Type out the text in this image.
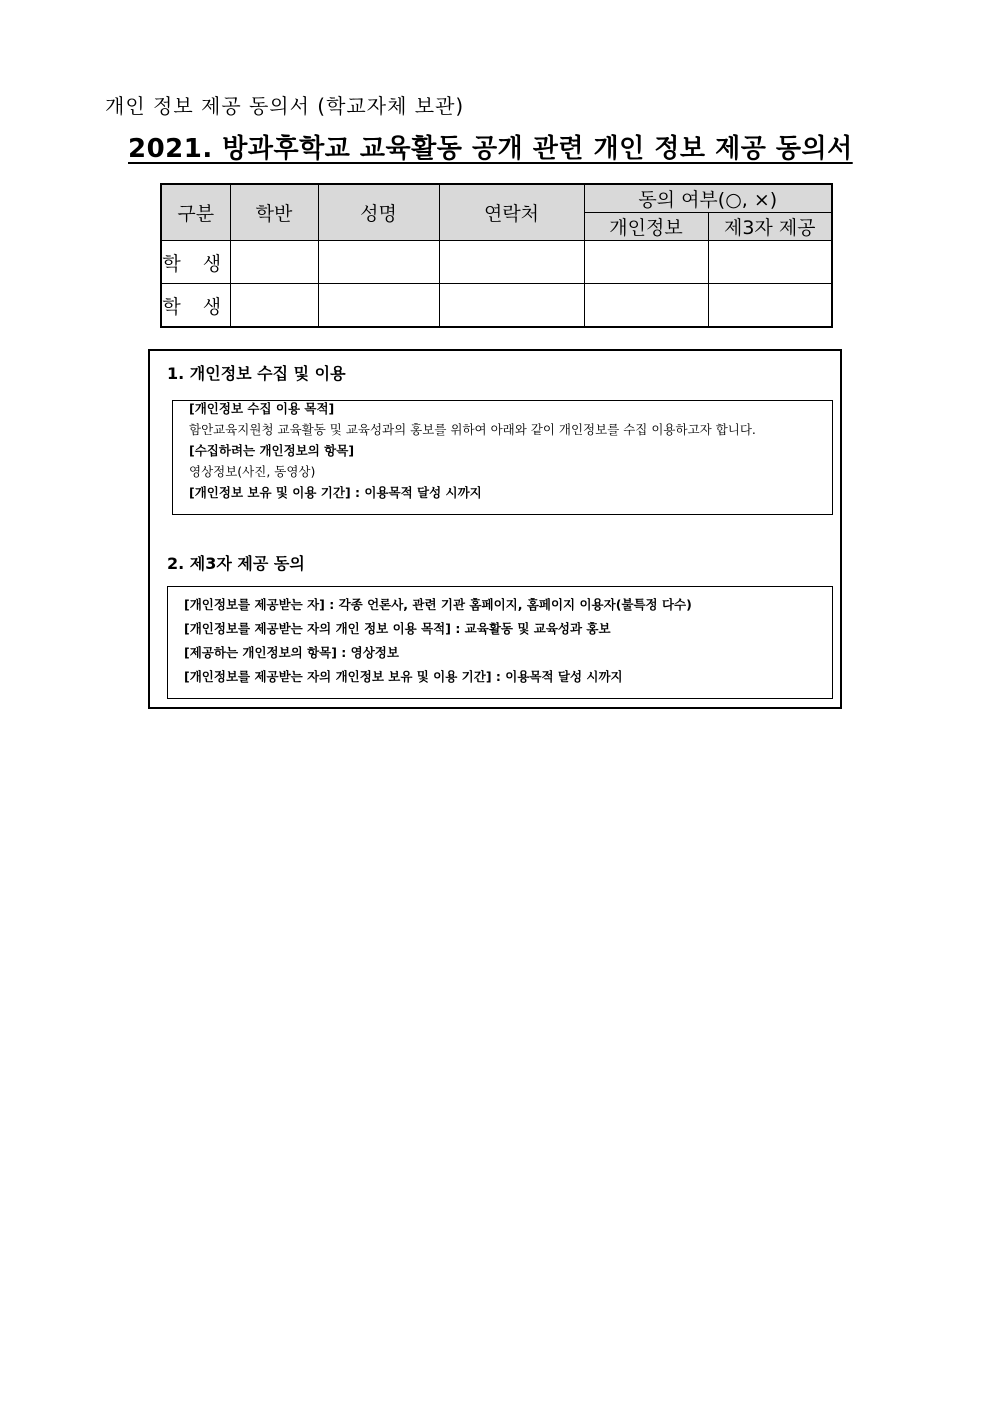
개인 정보 제공 동의서 (학교자체 보관)
2021. 방과후학교 교육활동 공개 관련 개인 정보 제공 동의서
구분	학반	성명	연락처	동의 여부(○, ×)	
				개인정보	제3자 제공
학 생					
학 생					
1. 개인정보 수집 및 이용
[개인정보 수집 이용 목적]
함안교육지원청 교육활동 및 교육성과의 홍보를 위하여 아래와 같이 개인정보를 수집 이용하고자 합니다.
[수집하려는 개인정보의 항목]
영상정보(사진, 동영상)
[개인정보 보유 및 이용 기간] : 이용목적 달성 시까지
2. 제3자 제공 동의
[개인정보를 제공받는 자] : 각종 언론사, 관련 기관 홈페이지, 홈페이지 이용자(불특정 다수)
[개인정보를 제공받는 자의 개인 정보 이용 목적] : 교육활동 및 교육성과 홍보
[제공하는 개인정보의 항목] : 영상정보
[개인정보를 제공받는 자의 개인정보 보유 및 이용 기간] : 이용목적 달성 시까지
